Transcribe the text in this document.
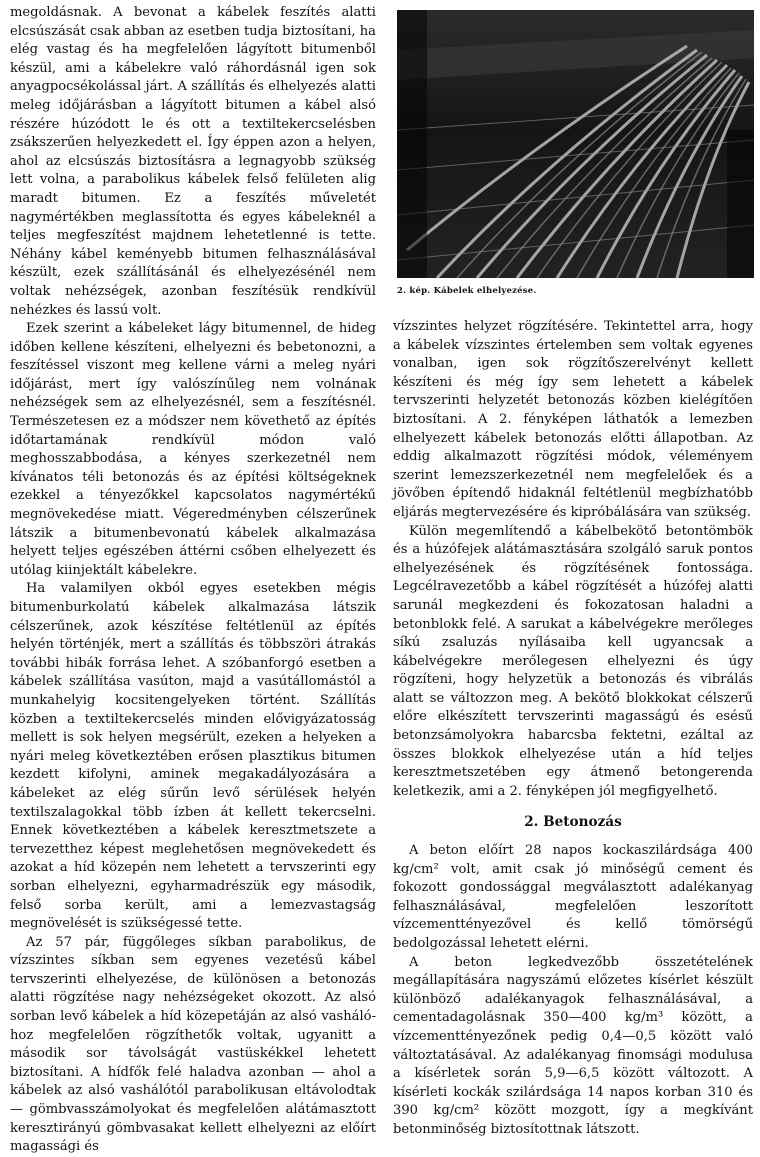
megoldásnak. A bevonat a kábelek feszítés alatti elcsúszását csak abban az esetben tudja biztosítani, ha elég vastag és ha megfelelően lágyított bitumenből készül, ami a kábelekre való ráhordásnál igen sok anyagpocsékolással járt. A szállítás és elhelyezés alatti meleg időjárásban a lágyított bitumen a kábel alsó részére húzódott le és ott a textiltekercselésben zsákszerűen helyezkedett el. Így éppen azon a helyen, ahol az elcsúszás biztosításra a legnagyobb szükség lett volna, a parabolikus kábelek felső felületen alig maradt bitumen. Ez a feszítés műveletét nagymértékben meglassította és egyes kábeleknél a teljes megfeszítést majdnem lehetetlenné is tette. Néhány kábel keményebb bitumen felhasználásával készült, ezek szállításánál és elhelyezésénél nem voltak nehézségek, azonban feszítésük rendkívül nehézkes és lassú volt.

Ezek szerint a kábeleket lágy bitumennel, de hideg időben kellene készíteni, elhelyezni és bebetonozni, a feszítéssel viszont meg kellene várni a meleg nyári időjárást, mert így valószínűleg nem volnának nehézségek sem az elhelyezésnél, sem a feszítésnél. Természetesen ez a módszer nem követhető az építés időtartamának rendkívül módon való meghosszabbodása, a kényes szerkezetnél nem kívánatos téli betonozás és az építési költségeknek ezekkel a tényezőkkel kapcsolatos nagymértékű megnövekedése miatt. Végeredményben célszerűnek látszik a bitumenbevonatú kábelek alkalmazása helyett teljes egészében áttérni csőben elhelyezett és utólag kiinjektált kábelekre.

Ha valamilyen okból egyes esetekben mégis bitumenburkolatú kábelek alkalmazása látszik célszerűnek, azok készítése feltétlenül az építés helyén történjék, mert a szállítás és többszöri átrakás további hibák forrása lehet. A szóbanforgó esetben a kábelek szállítása vasúton, majd a vasútállomástól a munkahelyig kocsitengelyeken történt. Szállítás közben a textiltekercselés minden elővigyázatosság mellett is sok helyen megsérült, ezeken a helyeken a nyári meleg következtében erősen plasztikus bitumen kezdett kifolyni, aminek megakadályozására a kábeleket az elég sűrűn levő sérülések helyén textilszalagokkal több ízben át kellett tekercselni. Ennek következtében a kábelek keresztmetszete a tervezetthez képest meglehetősen megnövekedett és azokat a híd közepén nem lehetett a tervszerinti egy sorban elhelyezni, egyharmadrészük egy második, felső sorba került, ami a lemezvastagság megnövelését is szükségessé tette.

Az 57 pár, függőleges síkban parabolikus, de vízszintes síkban sem egyenes vezetésű kábel tervszerinti elhelyezése, de különösen a betonozás alatti rögzítése nagy nehézségeket okozott. Az alsó sorban levő kábelek a híd közepetáján az alsó vashálóhoz megfelelően rögzíthetők voltak, ugyanitt a második sor távolságát vastüskékkel lehetett biztosítani. A hídfők felé haladva azonban — ahol a kábelek az alsó vashálótól parabolikusan eltávolodtak — gömbvasszámolyokat és megfelelően alátámasztott keresztirányú gömbvasakat kellett elhelyezni az előírt magassági és

2. kép. Kábelek elhelyezése.

vízszintes helyzet rögzítésére. Tekintettel arra, hogy a kábelek vízszintes értelemben sem voltak egyenes vonalban, igen sok rögzítőszerelvényt kellett készíteni és még így sem lehetett a kábelek tervszerinti helyzetét betonozás közben kielégítően biztosítani. A 2. fényképen láthatók a lemezben elhelyezett kábelek betonozás előtti állapotban. Az eddig alkalmazott rögzítési módok, véleményem szerint lemezszerkezetnél nem megfelelőek és a jövőben építendő hidaknál feltétlenül megbízhatóbb eljárás megtervezésére és kipróbálására van szükség.

Külön megemlítendő a kábelbekötő betontömbök és a húzófejek alátámasztására szolgáló saruk pontos elhelyezésének és rögzítésének fontossága. Legcélravezetőbb a kábel rögzítését a húzófej alatti sarunál megkezdeni és fokozatosan haladni a betonblokk felé. A sarukat a kábelvégekre merőleges síkú zsaluzás nyílásaiba kell ugyancsak a kábelvégekre merőlegesen elhelyezni és úgy rögzíteni, hogy helyzetük a betonozás és vibrálás alatt se változzon meg. A bekötő blokkokat célszerű előre elkészített tervszerinti magasságú és esésű betonzsámolyokra habarcsba fektetni, ezáltal az összes blokkok elhelyezése után a híd teljes keresztmetszetében egy átmenő betongerenda keletkezik, ami a 2. fényképen jól megfigyelhető.

2. Betonozás

A beton előírt 28 napos kockaszilárdsága 400 kg/cm² volt, amit csak jó minőségű cement és fokozott gondossággal megválasztott adalékanyag felhasználásával, megfelelően leszorított vízcementtényezővel és kellő tömörségű bedolgozással lehetett elérni.

A beton legkedvezőbb összetételének megállapítására nagyszámú előzetes kísérlet készült különböző adalékanyagok felhasználásával, a cementadagolásnak 350—400 kg/m³ között, a vízcementtényezőnek pedig 0,4—0,5 között való változtatásával. Az adalékanyag finomsági modulusa a kísérletek során 5,9—6,5 között változott. A kísérleti kockák szilárdsága 14 napos korban 310 és 390 kg/cm² között mozgott, így a megkívánt betonminőség biztosítottnak látszott.
